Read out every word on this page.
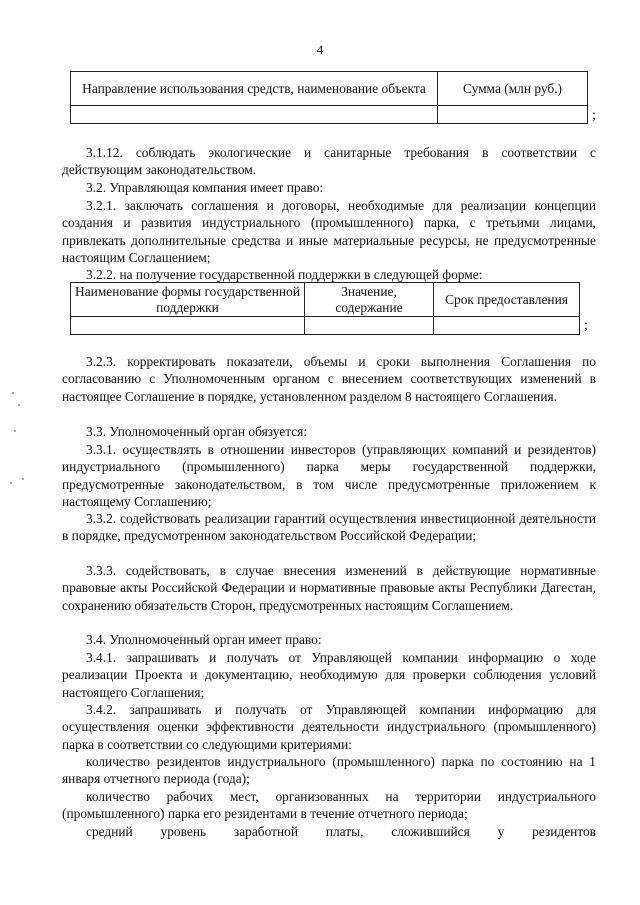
4
Направление использования средств, наименование объекта	Сумма (млн руб.)

;

3.1.12. соблюдать экологические и санитарные требования в соответствии с действующим законодательством.

3.2. Управляющая компания имеет право:

3.2.1. заключать соглашения и договоры, необходимые для реализации концепции создания и развития индустриального (промышленного) парка, с третьими лицами, привлекать дополнительные средства и иные материальные ресурсы, не предусмотренные настоящим Соглашением;

3.2.2. на получение государственной поддержки в следующей форме:

Наименование формы государственной поддержки	Значение, содержание	Срок предоставления

;

3.2.3. корректировать показатели, объемы и сроки выполнения Соглашения по согласованию с Уполномоченным органом с внесением соответствующих изменений в настоящее Соглашение в порядке, установленном разделом 8 настоящего Соглашения.

3.3. Уполномоченный орган обязуется:

3.3.1. осуществлять в отношении инвесторов (управляющих компаний и резидентов) индустриального (промышленного) парка меры государственной поддержки, предусмотренные законодательством, в том числе предусмотренные приложением к настоящему Соглашению;

3.3.2. содействовать реализации гарантий осуществления инвестиционной деятельности в порядке, предусмотренном законодательством Российской Федерации;

3.3.3. содействовать, в случае внесения изменений в действующие нормативные правовые акты Российской Федерации и нормативные правовые акты Республики Дагестан, сохранению обязательств Сторон, предусмотренных настоящим Соглашением.

3.4. Уполномоченный орган имеет право:

3.4.1. запрашивать и получать от Управляющей компании информацию о ходе реализации Проекта и документацию, необходимую для проверки соблюдения условий настоящего Соглашения;

3.4.2. запрашивать и получать от Управляющей компании информацию для осуществления оценки эффективности деятельности индустриального (промышленного) парка в соответствии со следующими критериями:

количество резидентов индустриального (промышленного) парка по состоянию на 1 января отчетного периода (года);

количество рабочих мест, организованных на территории индустриального (промышленного) парка его резидентами в течение отчетного периода;

средний уровень заработной платы, сложившийся у резидентов
